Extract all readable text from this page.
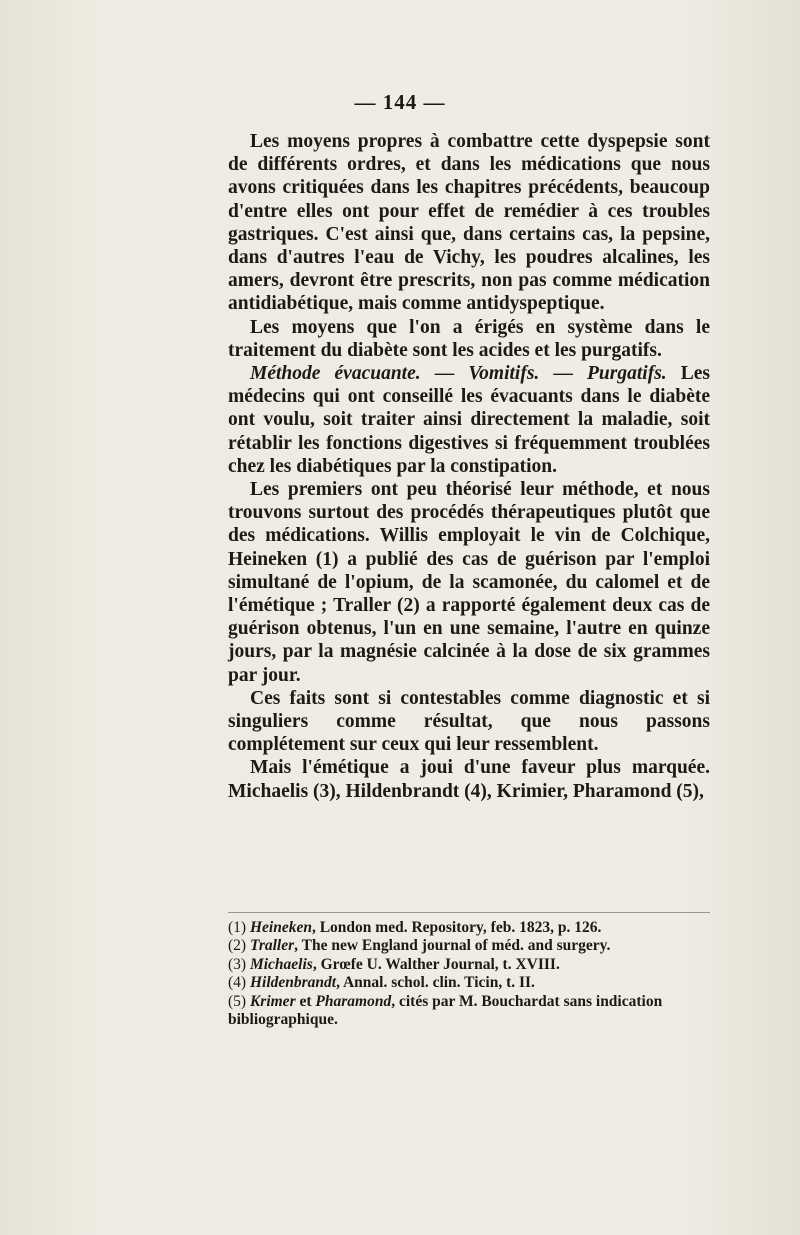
— 144 —

Les moyens propres à combattre cette dyspepsie sont de différents ordres, et dans les médications que nous avons critiquées dans les chapitres précédents, beaucoup d'entre elles ont pour effet de remédier à ces troubles gastriques. C'est ainsi que, dans certains cas, la pepsine, dans d'autres l'eau de Vichy, les poudres alcalines, les amers, devront être prescrits, non pas comme médication antidiabétique, mais comme antidyspeptique.

Les moyens que l'on a érigés en système dans le traitement du diabète sont les acides et les purgatifs.

Méthode évacuante. — Vomitifs. — Purgatifs. Les médecins qui ont conseillé les évacuants dans le diabète ont voulu, soit traiter ainsi directement la maladie, soit rétablir les fonctions digestives si fréquemment troublées chez les diabétiques par la constipation.

Les premiers ont peu théorisé leur méthode, et nous trouvons surtout des procédés thérapeutiques plutôt que des médications. Willis employait le vin de Colchique, Heineken (1) a publié des cas de guérison par l'emploi simultané de l'opium, de la scamonée, du calomel et de l'émétique ; Traller (2) a rapporté également deux cas de guérison obtenus, l'un en une semaine, l'autre en quinze jours, par la magnésie calcinée à la dose de six grammes par jour.

Ces faits sont si contestables comme diagnostic et si singuliers comme résultat, que nous passons complétement sur ceux qui leur ressemblent.

Mais l'émétique a joui d'une faveur plus marquée. Michaelis (3), Hildenbrandt (4), Krimier, Pharamond (5),

(1) Heineken, London med. Repository, feb. 1823, p. 126.

(2) Traller, The new England journal of méd. and surgery.

(3) Michaelis, Grœfe U. Walther Journal, t. XVIII.

(4) Hildenbrandt, Annal. schol. clin. Ticin, t. II.

(5) Krimer et Pharamond, cités par M. Bouchardat sans indication bibliographique.
